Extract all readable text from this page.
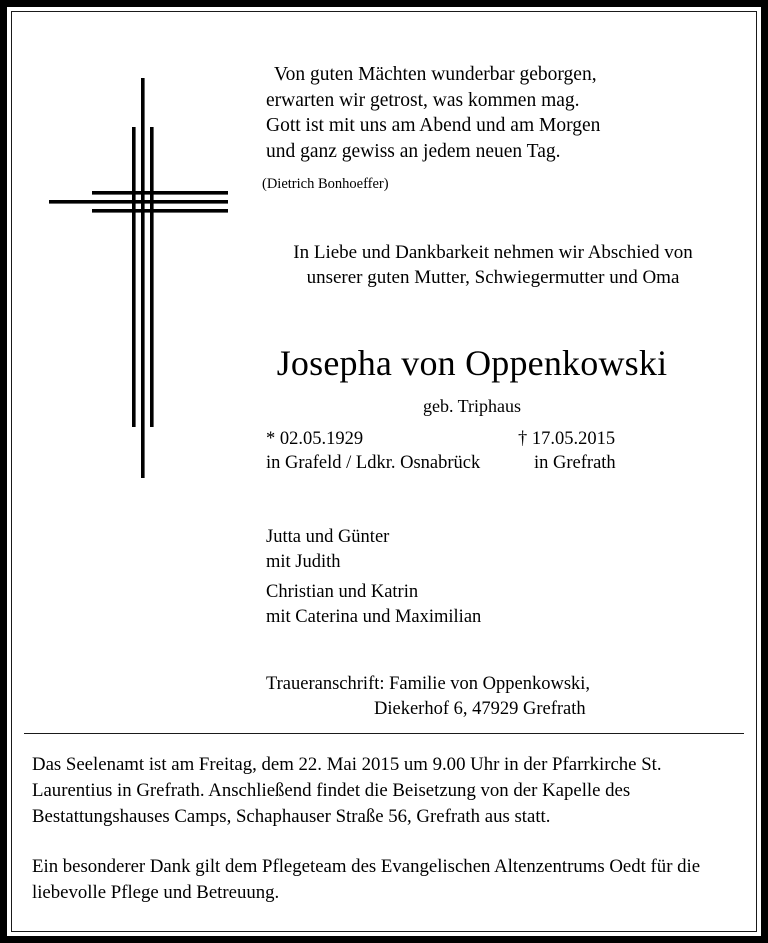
Von guten Mächten wunderbar geborgen,
erwarten wir getrost, was kommen mag.
Gott ist mit uns am Abend und am Morgen
und ganz gewiss an jedem neuen Tag.
(Dietrich Bonhoeffer)
In Liebe und Dankbarkeit nehmen wir Abschied von
unserer guten Mutter, Schwiegermutter und Oma
Josepha von Oppenkowski
geb. Triphaus
* 02.05.1929	† 17.05.2015
in Grafeld / Ldkr. Osnabrück	in Grefrath
Jutta und Günter
mit Judith
Christian und Katrin
mit Caterina und Maximilian
Traueranschrift: Familie von Oppenkowski,
Diekerhof 6, 47929 Grefrath

Das Seelenamt ist am Freitag, dem 22. Mai 2015 um 9.00 Uhr in der Pfarrkirche St. Laurentius in Grefrath. Anschließend findet die Beisetzung von der Kapelle des Bestattungshauses Camps, Schaphauser Straße 56, Grefrath aus statt.

Ein besonderer Dank gilt dem Pflegeteam des Evangelischen Altenzentrums Oedt für die liebevolle Pflege und Betreuung.
